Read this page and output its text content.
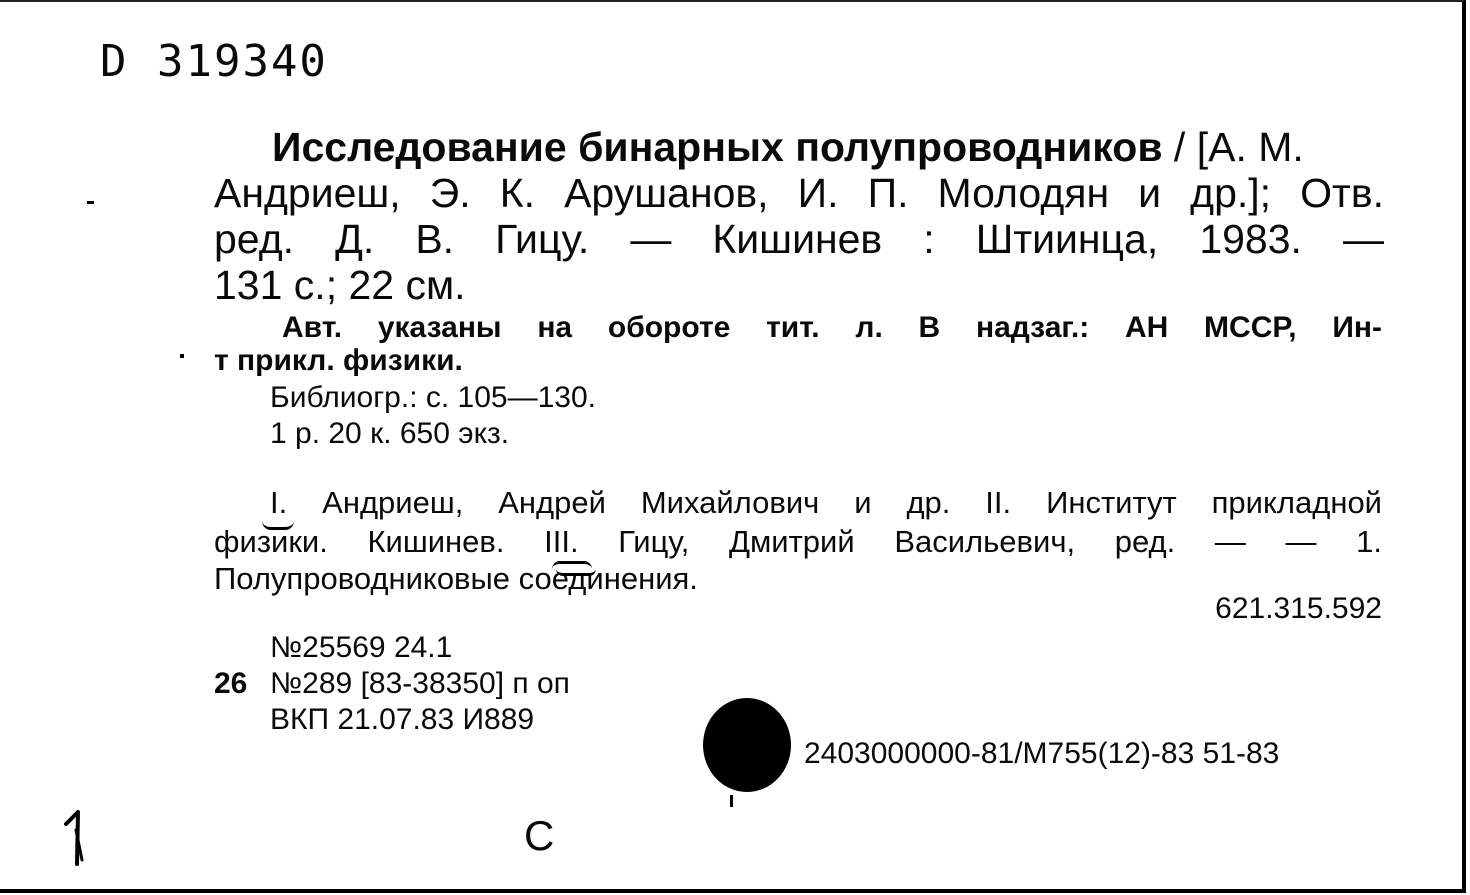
D 319340
Исследование бинарных полупроводников / [А. М.
Андриеш, Э. К. Арушанов, И. П. Молодян и др.]; Отв.
ред. Д. В. Гицу. — Кишинев : Штиинца, 1983. —
131 с.; 22 см.
Авт. указаны на обороте тит. л. В надзаг.: АН МССР, Ин-
т прикл. физики.
Библиогр.: с. 105—130.
1 р. 20 к. 650 экз.
I. Андриеш, Андрей Михайлович и др. II. Институт прикладной
физики. Кишинев. III. Гицу, Дмитрий Васильевич, ред. — — 1.
Полупроводниковые соединения.
621.315.592
№25569 24.1
26 №289 [83-38350] п оп
ВКП 21.07.83 И889
2403000000-81/М755(12)-83 51-83
С
